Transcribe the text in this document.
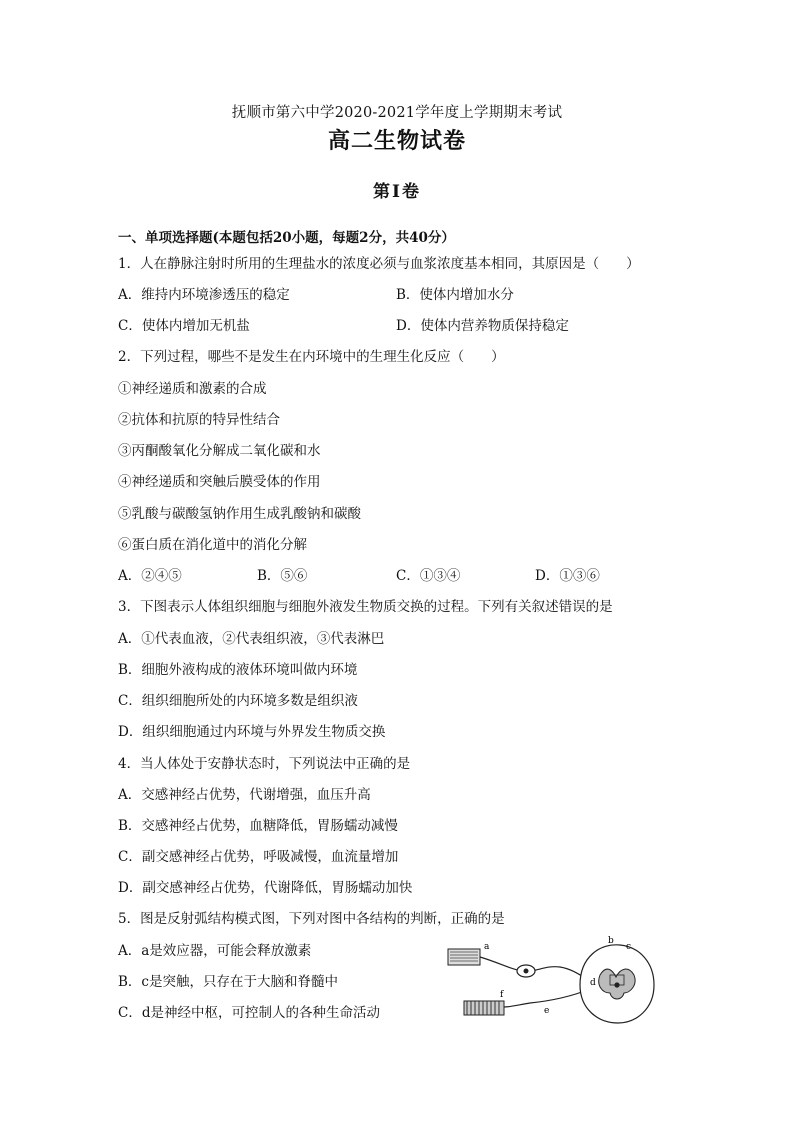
抚顺市第六中学2020-2021学年度上学期期末考试
高二生物试卷
第Ⅰ卷
一、单项选择题(本题包括20小题，每题2分，共40分）
1．人在静脉注射时所用的生理盐水的浓度必须与血浆浓度基本相同，其原因是（　　）
A．维持内环境渗透压的稳定	B．使体内增加水分
C．使体内增加无机盐	D．使体内营养物质保持稳定
2．下列过程，哪些不是发生在内环境中的生理生化反应（　　）
①神经递质和激素的合成
②抗体和抗原的特异性结合
③丙酮酸氧化分解成二氧化碳和水
④神经递质和突触后膜受体的作用
⑤乳酸与碳酸氢钠作用生成乳酸钠和碳酸
⑥蛋白质在消化道中的消化分解
A．②④⑤	B．⑤⑥	C．①③④	D．①③⑥
3．下图表示人体组织细胞与细胞外液发生物质交换的过程。下列有关叙述错误的是
A．①代表血液，②代表组织液，③代表淋巴
B．细胞外液构成的液体环境叫做内环境
C．组织细胞所处的内环境多数是组织液
D．组织细胞通过内环境与外界发生物质交换
4．当人体处于安静状态时，下列说法中正确的是
A．交感神经占优势，代谢增强，血压升高
B．交感神经占优势，血糖降低，胃肠蠕动减慢
C．副交感神经占优势，呼吸减慢，血流量增加
D．副交感神经占优势，代谢降低，胃肠蠕动加快
5．图是反射弧结构模式图，下列对图中各结构的判断，正确的是
A．a是效应器，可能会释放激素
B．c是突触，只存在于大脑和脊髓中
C．d是神经中枢，可控制人的各种生命活动
a
b
c
d
e
f
